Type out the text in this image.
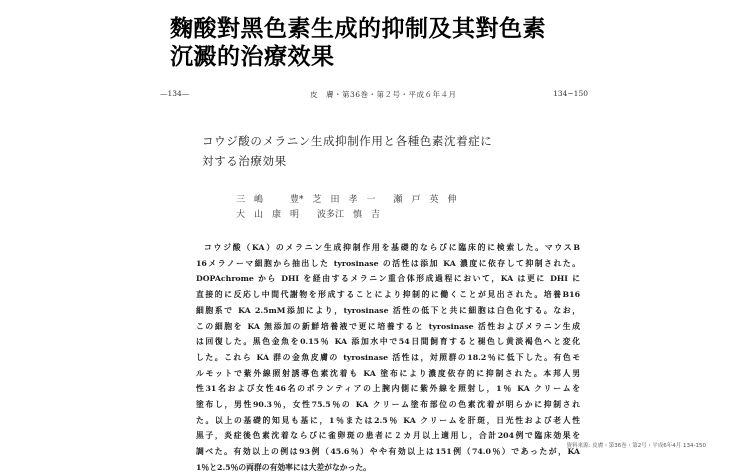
麴酸對黑色素生成的抑制及其對色素
沉澱的治療效果
—134—	皮　膚・第36巻・第２号・平成６年４月	134−150
コウジ酸のメラニン生成抑制作用と各種色素沈着症に
対する治療効果
三　嶋　　　豊*　芝　田　孝　一　　瀬　戸　英　伸
大　山　康　明　　波多江　慎　吉
コウジ酸（KA）のメラニン生成抑制作用を基礎的ならびに臨床的に検索した。マウスB
16メラノーマ細胞から抽出した tyrosinase の活性は添加 KA 濃度に依存して抑制された。
DOPAchrome から DHI を経由するメラニン重合体形成過程において，KA は更に DHI に
直接的に反応し中間代謝物を形成することにより抑制的に働くことが見出された。培養B16
細胞系で KA 2.5mM添加により，tyrosinase 活性の低下と共に細胞は白色化する。なお，
この細胞を KA 無添加の新鮮培養液で更に培養すると tyrosinase 活性およびメラニン生成
は回復した。黒色金魚を0.15％ KA 添加水中で54日間飼育すると褪色し黄淡褐色へと変化
した。これら KA 群の金魚皮膚の tyrosinase 活性は，対照群の18.2％に低下した。有色モ
ルモットで紫外線照射誘導色素沈着も KA 塗布により濃度依存的に抑制された。本邦人男
性31名および女性46名のボランティアの上腕内側に紫外線を照射し，1％ KA クリームを
塗布し，男性90.3％，女性75.5％の KA クリーム塗布部位の色素沈着が明らかに抑制され
た。以上の基礎的知見も基に，1％または2.5％ KA クリームを肝斑，日光性および老人性
黒子，炎症後色素沈着ならびに雀卵斑の患者に２カ月以上適用し，合計204例で臨床効果を
調べた。有効以上の例は93例（45.6％）やや有効以上は151例（74.0％）であったが，KA
1％と2.5％の両群の有効率には大差がなかった。
資料來源: 皮膚・第36巻・第2号・平成6年4月 134-150
